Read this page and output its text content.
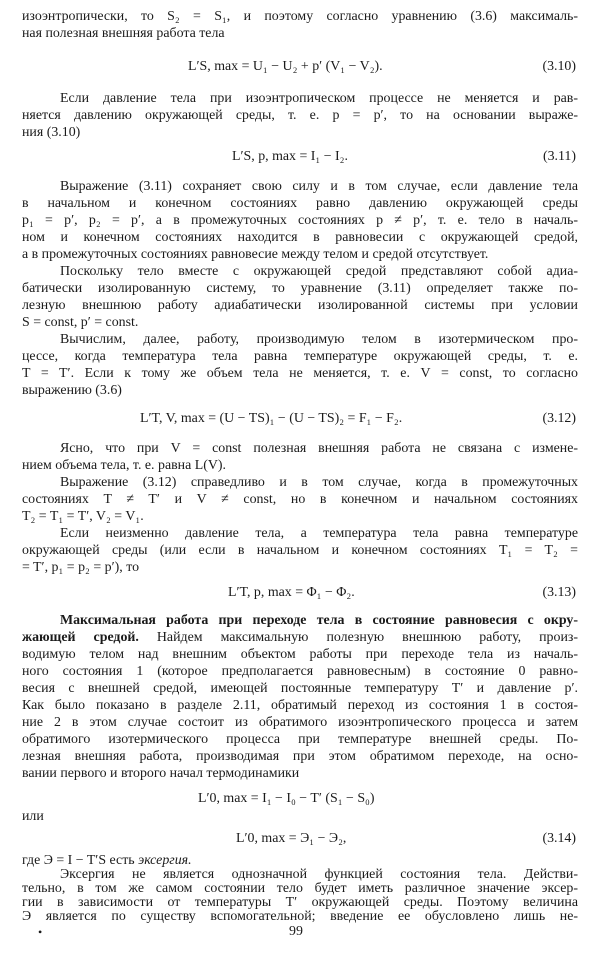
изоэнтропически, то S₂ = S₁, и поэтому согласно уравнению (3.6) максималь-
ная полезная внешняя работа тела
L′S, max = U₁ − U₂ + p′ (V₁ − V₂).	(3.10)
Если давление тела при изоэнтропическом процессе не меняется и рав-
няется давлению окружающей среды, т. е. p = p′, то на основании выраже-
ния (3.10)
L′S, p, max = I₁ − I₂.	(3.11)
Выражение (3.11) сохраняет свою силу и в том случае, если давление тела
в начальном и конечном состояниях равно давлению окружающей среды
p₁ = p′, p₂ = p′, а в промежуточных состояниях p ≠ p′, т. е. тело в началь-
ном и конечном состояниях находится в равновесии с окружающей средой,
а в промежуточных состояниях равновесие между телом и средой отсутствует.
Поскольку тело вместе с окружающей средой представляют собой адиа-
батически изолированную систему, то уравнение (3.11) определяет также по-
лезную внешнюю работу адиабатически изолированной системы при условии
S = const, p′ = const.
Вычислим, далее, работу, производимую телом в изотермическом про-
цессе, когда температура тела равна температуре окружающей среды, т. е.
T = T′. Если к тому же объем тела не меняется, т. е. V = const, то согласно
выражению (3.6)
L′T, V, max = (U − TS)₁ − (U − TS)₂ = F₁ − F₂.	(3.12)
Ясно, что при V = const полезная внешняя работа не связана с измене-
нием объема тела, т. е. равна L(V).
Выражение (3.12) справедливо и в том случае, когда в промежуточных
состояниях T ≠ T′ и V ≠ const, но в конечном и начальном состояниях
T₂ = T₁ = T′, V₂ = V₁.
Если неизменно давление тела, а температура тела равна температуре
окружающей среды (или если в начальном и конечном состояниях T₁ = T₂ =
= T′, p₁ = p₂ = p′), то
L′T, p, max = Φ₁ − Φ₂.	(3.13)
Максимальная работа при переходе тела в состояние равновесия с окру-
жающей средой. Найдем максимальную полезную внешнюю работу, произ-
водимую телом над внешним объектом работы при переходе тела из началь-
ного состояния 1 (которое предполагается равновесным) в состояние 0 равно-
весия с внешней средой, имеющей постоянные температуру T′ и давление p′.
Как было показано в разделе 2.11, обратимый переход из состояния 1 в состоя-
ние 2 в этом случае состоит из обратимого изоэнтропического процесса и затем
обратимого изотермического процесса при температуре внешней среды. По-
лезная внешняя работа, производимая при этом обратимом переходе, на осно-
вании первого и второго начал термодинамики
L′0, max = I₁ − I₀ − T′ (S₁ − S₀)
или
L′0, max = Э₁ − Э₂,	(3.14)
где Э = I − T′S есть эксергия.
Эксергия не является однозначной функцией состояния тела. Действи-
тельно, в том же самом состоянии тело будет иметь различное значение эксер-
гии в зависимости от температуры T′ окружающей среды. Поэтому величина
Э является по существу вспомогательной; введение ее обусловлено лишь не-
•	99
